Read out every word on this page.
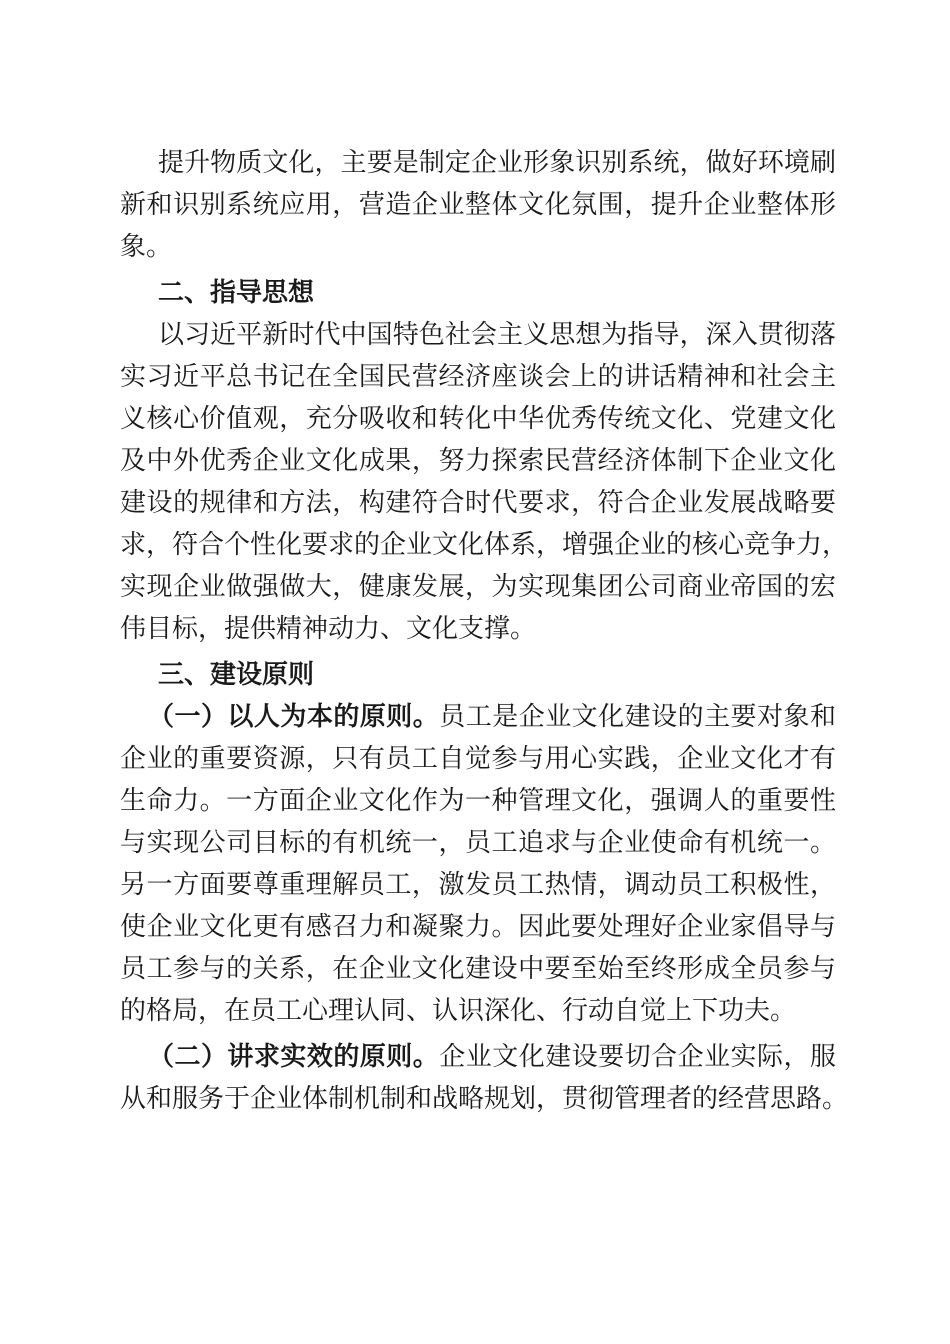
提升物质文化，主要是制定企业形象识别系统，做好环境刷
新和识别系统应用，营造企业整体文化氛围，提升企业整体形
象。
二、指导思想
以习近平新时代中国特色社会主义思想为指导，深入贯彻落
实习近平总书记在全国民营经济座谈会上的讲话精神和社会主
义核心价值观，充分吸收和转化中华优秀传统文化、党建文化
及中外优秀企业文化成果，努力探索民营经济体制下企业文化
建设的规律和方法，构建符合时代要求，符合企业发展战略要
求，符合个性化要求的企业文化体系，增强企业的核心竞争力，
实现企业做强做大，健康发展，为实现集团公司商业帝国的宏
伟目标，提供精神动力、文化支撑。
三、建设原则
（一）以人为本的原则。员工是企业文化建设的主要对象和
企业的重要资源，只有员工自觉参与用心实践，企业文化才有
生命力。一方面企业文化作为一种管理文化，强调人的重要性
与实现公司目标的有机统一，员工追求与企业使命有机统一。
另一方面要尊重理解员工，激发员工热情，调动员工积极性，
使企业文化更有感召力和凝聚力。因此要处理好企业家倡导与
员工参与的关系，在企业文化建设中要至始至终形成全员参与
的格局，在员工心理认同、认识深化、行动自觉上下功夫。
（二）讲求实效的原则。企业文化建设要切合企业实际，服
从和服务于企业体制机制和战略规划，贯彻管理者的经营思路。
